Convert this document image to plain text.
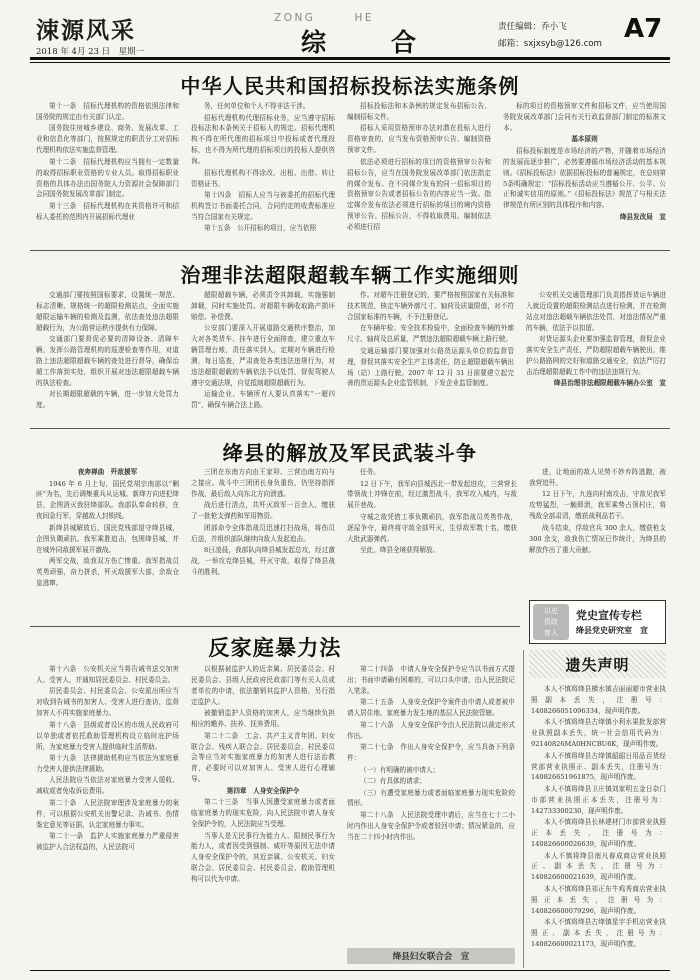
涑源风采
2018 年 4月 23 日　星期一
ZONG　　　HE
综　　合
责任编辑：乔小飞
邮箱：sxjxsyb@126.com A7
中华人民共和国招标投标法实施条例

第十一条　招标代理机构的资格依照法律和国务院的规定由有关部门认定。

国务院住房城乡建设、商务、发展改革、工业和信息化等部门，按照规定的职责分工对招标代理机构依法实施监督管理。

第十二条　招标代理机构应当拥有一定数量的取得招标职业资格的专业人员。取得招标职业资格的具体办法由国务院人力资源社会保障部门会同国务院发展改革部门制定。

第十三条　招标代理机构在其资格许可和招标人委托的范围内开展招标代理业

务，任何单位和个人不得非法干涉。

招标代理机构代理招标业务，应当遵守招标投标法和本条例关于招标人的规定。招标代理机构不得在所代理的招标项目中投标或者代理投标，也不得为所代理的招标项目的投标人提供咨询。

招标代理机构不得涂改、出租、出借、转让资格证书。

第十四条　招标人应当与被委托的招标代理机构签订书面委托合同，合同约定的收费标准应当符合国家有关规定。

第十五条　公开招标的项目，应当依照

招标投标法和本条例的规定发布招标公告、编制招标文件。

招标人采用资格预审办法对潜在投标人进行资格审查的，应当发布资格预审公告、编制资格预审文件。

依法必须进行招标的项目的资格预审公告和招标公告，应当在国务院发展改革部门依法指定的媒介发布。在不同媒介发布的同一招标项目的资格预审公告或者招标公告的内容应当一致。指定媒介发布依法必须进行招标的项目的境内资格预审公告、招标公告，不得收取费用。编制依法必须进行招

标的项目的资格预审文件和招标文件，应当使用国务院发展改革部门会同有关行政监督部门制定的标准文本。

基本原则

招标投标制度是市场经济的产物，并随着市场经济的发展而逐步推广，必然要遵循市场经济活动的基本规则。《招标投标法》依据招标投标的普遍规定，在总则第5条明确规定：“招标投标活动应当遵循公开、公平、公正和诚实信用的原则。”《招标投标法》规范了与相关法律规范有所区别的具体程序和内容。

绛县发改局　宣

治理非法超限超载车辆工作实施细则

交通部门要按照国标要求，设置统一规范、标志清晰、规格统一的超限检测站点，全面实施超限运输车辆的检测及监测，依法查处违法超限超载行为，为公路营运秩序提供有力保障。

交通部门要督促必要的清障设备、清障车辆，发挥公路管理机构的巡逻检查等作用，对道路上违法超限超载车辆的查处进行督导，确保治超工作落到实处，组织开展对违法超限超载车辆的执法检查。

对长期超限超载的车辆，进一步加大处罚力度。

超限超载车辆，必须责令其卸载，实施强制卸载，同时实施处罚。对超限车辆收取路产损坏赔偿、补偿费。

公安部门要深入开展道路交通秩序整治，加大对各类货车、挂车进行全面排查，建立重点车辆管理台账，责任落实到人，定期对车辆进行检测，每日巡查，严肃查处各类违法违规行为，对违法超限超载的车辆依法予以处罚，督促驾驶人遵守交通法规，自觉抵制超限超载行为。

运输企业、车辆所有人要认真落实“一超四罚”，确保车辆合法上路。

作。对超车注册登记的，要严格按照国家有关标准和技术规范，核定车辆外廓尺寸、轴荷及质量限值，对不符合国家标准的车辆，不予注册登记。

在车辆年检、安全技术检验中，全面检查车辆的外廓尺寸、轴荷及总质量，严禁违法超限超载车辆上路行驶。

交通运输部门要加强对公路货运源头单位的监督管理，督促其落实安全生产主体责任，防止超限超载车辆出场（站）上路行驶。2007 年 12 月 31 日前要建立起完善的货运源头企业监管机制，下发企业监管制度。

公安机关交通管理部门负责指挥货运车辆进入就近设置的超限检测站点进行检测，并在检测站点对违法超载车辆依法处罚，对违法情况严重的车辆，依法予以扣留。

对货运源头企业要加强监督管理，督促企业落实安全生产责任，严防超限超载车辆驶出，维护公路路网的完好和道路交通安全，依法严厉打击治理超限超载工作中的违法违规行为。

绛县治理非法超限超载车辆办公室　宣

绛县的解放及军民武装斗争

夜奔禅曲　歼敌援军

1946 年 6 月上旬，国民党胡宗南部以“剿匪”为名，先后调集重兵从运城、新绛方向进犯绛县，企图消灭我驻绛部队。我部队奉命转移，在夜间急行军，穿越敌人封锁线。

新绛县城解放后，国民党残部退守绛县城，企图负隅顽抗。我军乘胜追击，包围绛县城，并在城外同敌援军展开激战。

两军交战，敌我双方伤亡惨重。我军指战员英勇顽强，奋力拼杀，歼灭敌援军大部，余敌仓皇逃窜。

三团在东南方向由王家卯、三营由南方向与之接应。战斗中三团团长身负重伤，仍坚持指挥作战，最后敌人向东北方向溃逃。

战后进行清点，共歼灭敌军一百余人，缴获了一批枪支弹药和军用物资。

团部命令全体指战员迅速打扫战场，将伤员后送，并组织部队继续向敌人发起追击。

8日凌晨，我部队向绛县城发起总攻，经过激战，一举攻克绛县城，歼灭守敌，取得了绛县战斗的胜利。

任务。

12 日下午，我军向县城西北一带发起进攻，三营营长带领战士冲锋在前，经过激烈战斗，我军攻入城内，与敌展开巷战。

守城之敌凭借工事负隅顽抗，我军指战员英勇作战，逐屋争夺，最终将守敌全部歼灭，生俘敌军数十名，缴获大批武器弹药。

至此，绛县全境获得解放。

进，让地面的敌人见势不妙弃阵逃跑，被我营追歼。

12 日下午，九连向村南攻击，守敌见我军攻势猛烈，一触即溃，我军乘势占领村庄，将残敌全部肃清，缴获战利品若干。

战斗结束，俘敌官兵 300 余人，缴获枪支 300 余支，敌我伤亡情况已作统计，为绛县的解放作出了重大贡献。

以史
资政
育人
党史宣传专栏
绛县党史研究室　宣
反家庭暴力法

第十六条　公安机关应当将告诫书送交加害人、受害人，并通知居民委员会、村民委员会。

居民委员会、村民委员会、公安派出所应当对收到告诫书的加害人、受害人进行查访，监督加害人不再实施家庭暴力。

第十八条　县级或者设区的市级人民政府可以单独或者依托救助管理机构设立临时庇护场所，为家庭暴力受害人提供临时生活帮助。

第十九条　法律援助机构应当依法为家庭暴力受害人提供法律援助。

人民法院应当依法对家庭暴力受害人缓收、减收或者免收诉讼费用。

第二十条　人民法院审理涉及家庭暴力的案件，可以根据公安机关出警记录、告诫书、伤情鉴定意见等证据，认定家庭暴力事实。

第二十一条　监护人实施家庭暴力严重侵害被监护人合法权益的，人民法院可

以根据被监护人的近亲属、居民委员会、村民委员会、县级人民政府民政部门等有关人员或者单位的申请，依法撤销其监护人资格，另行指定监护人。

被撤销监护人资格的加害人，应当继续负担相应的赡养、扶养、抚养费用。

第二十二条　工会、共产主义青年团、妇女联合会、残疾人联合会、居民委员会、村民委员会等应当对实施家庭暴力的加害人进行法治教育，必要时可以对加害人、受害人进行心理辅导。

第四章　人身安全保护令

第二十三条　当事人因遭受家庭暴力或者面临家庭暴力的现实危险，向人民法院申请人身安全保护令的，人民法院应当受理。

当事人是无民事行为能力人、限制民事行为能力人，或者因受到强制、威吓等原因无法申请人身安全保护令的，其近亲属、公安机关、妇女联合会、居民委员会、村民委员会、救助管理机构可以代为申请。

第二十四条　申请人身安全保护令应当以书面方式提出；书面申请确有困难的，可以口头申请，由人民法院记入笔录。

第二十五条　人身安全保护令案件由申请人或者被申请人居住地、家庭暴力发生地的基层人民法院管辖。

第二十六条　人身安全保护令由人民法院以裁定形式作出。

第二十七条　作出人身安全保护令，应当具备下列条件：

（一）有明确的被申请人；

（二）有具体的请求；

（三）有遭受家庭暴力或者面临家庭暴力现实危险的情形。

第二十八条　人民法院受理申请后，应当在七十二小时内作出人身安全保护令或者驳回申请；情况紧急的，应当在二十四小时内作出。

绛县妇女联合会　宣
遗失声明

本人不慎将绛县横水镇吉丽丽超市营业执照副本丢失，注册号：1408266051096334，现声明作废。

本人不慎将绛县古绛镇小利水果批发部营业执照副本丢失，统一社会信用代码为：92140826MA0HNCBU6K，现声明作废。

本人不慎将绛县古绛镇韶韶日用品百货经营部营业执照正、副本丢失，注册号为：140826651961875，现声明作废。

本人不慎将绛县卫庄镇刘家明五金日杂门市部营业执照正本丢失，注册号为：142733300230，现声明作废。

本人不慎将绛县长林建材门市部营业执照正本丢失，注册号为：140826600026639，现声明作废。

本人不慎将绛县南凡春成商店营业执照正、副本丢失，注册号为：140826600021639，现声明作废。

本人不慎将绛县祁正东牛鸡秀商店营业执照正本丢失，注册号为：140826600079296，现声明作废。

本人不慎将绛县古绛镇星宇手机店营业执照正、副本丢失，注册号为：140826600021173，现声明作废。
